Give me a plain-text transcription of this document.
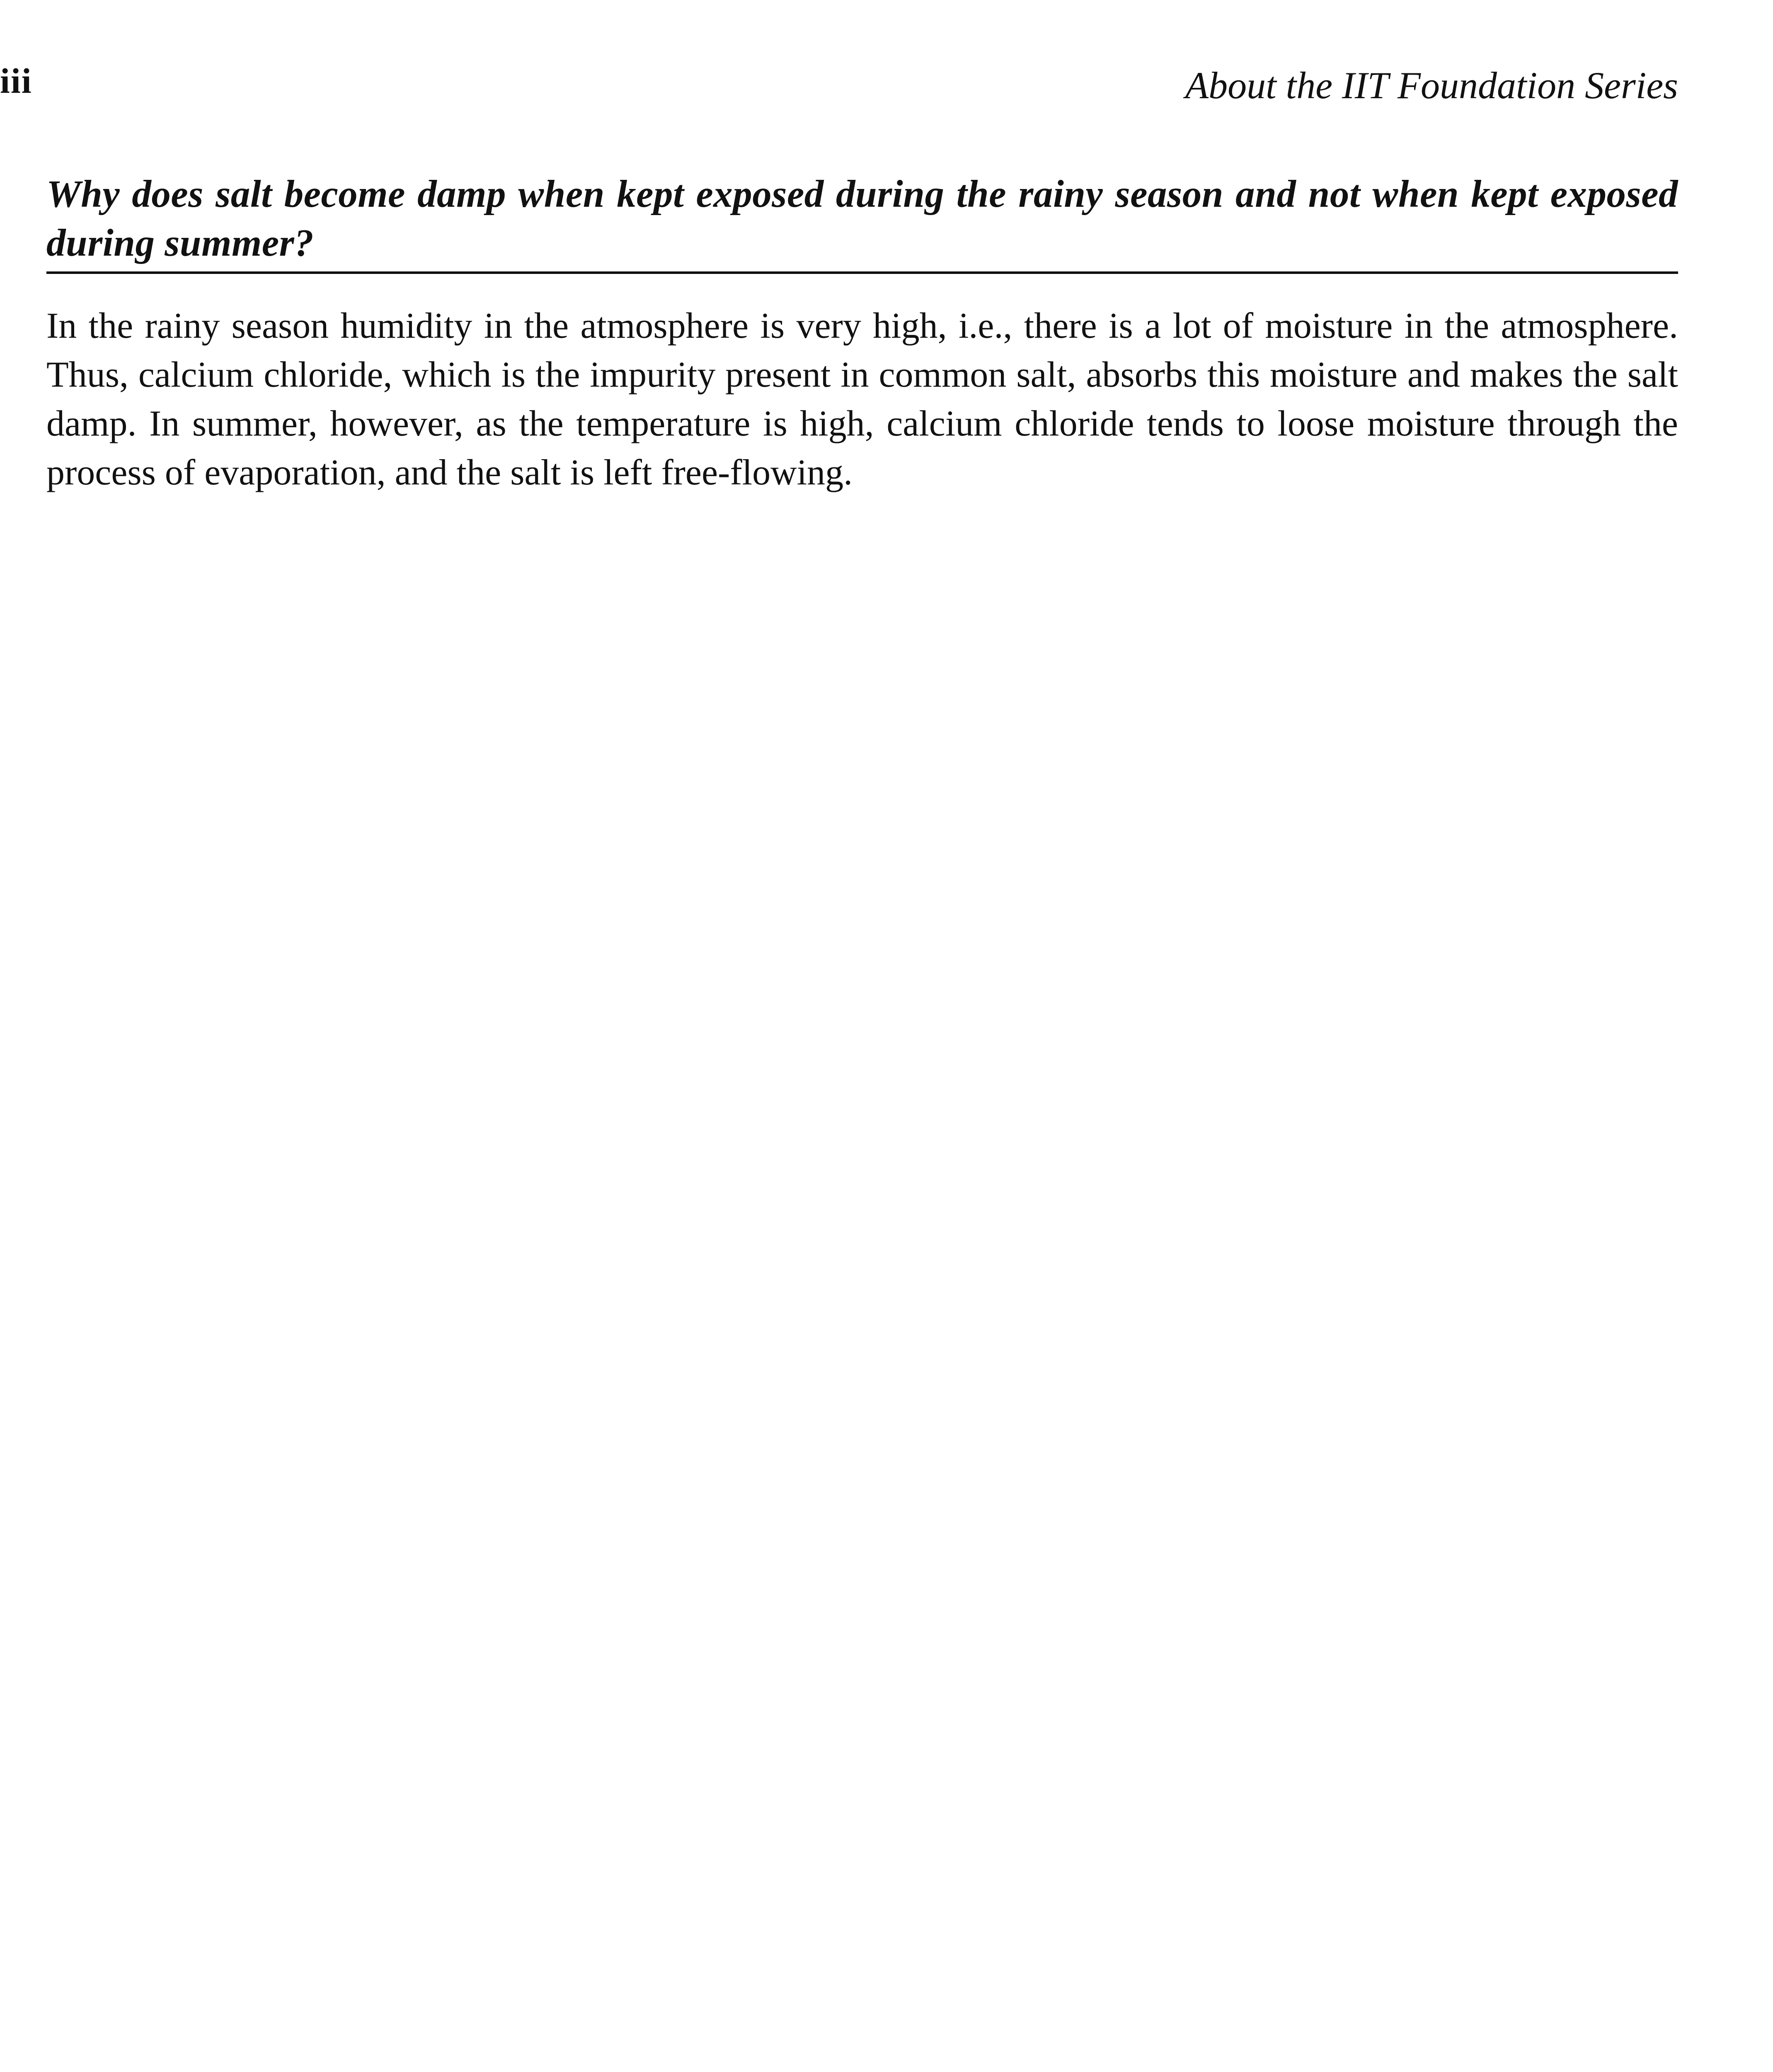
iii	About the IIT Foundation Series
Why does salt become damp when kept exposed during the rainy season and not when kept exposed during summer?
In the rainy season humidity in the atmosphere is very high, i.e., there is a lot of moisture in the atmosphere. Thus, calcium chloride, which is the impurity present in common salt, absorbs this moisture and makes the salt damp. In summer, however, as the temperature is high, calcium chloride tends to loose moisture through the process of evaporation, and the salt is left free-flowing.
